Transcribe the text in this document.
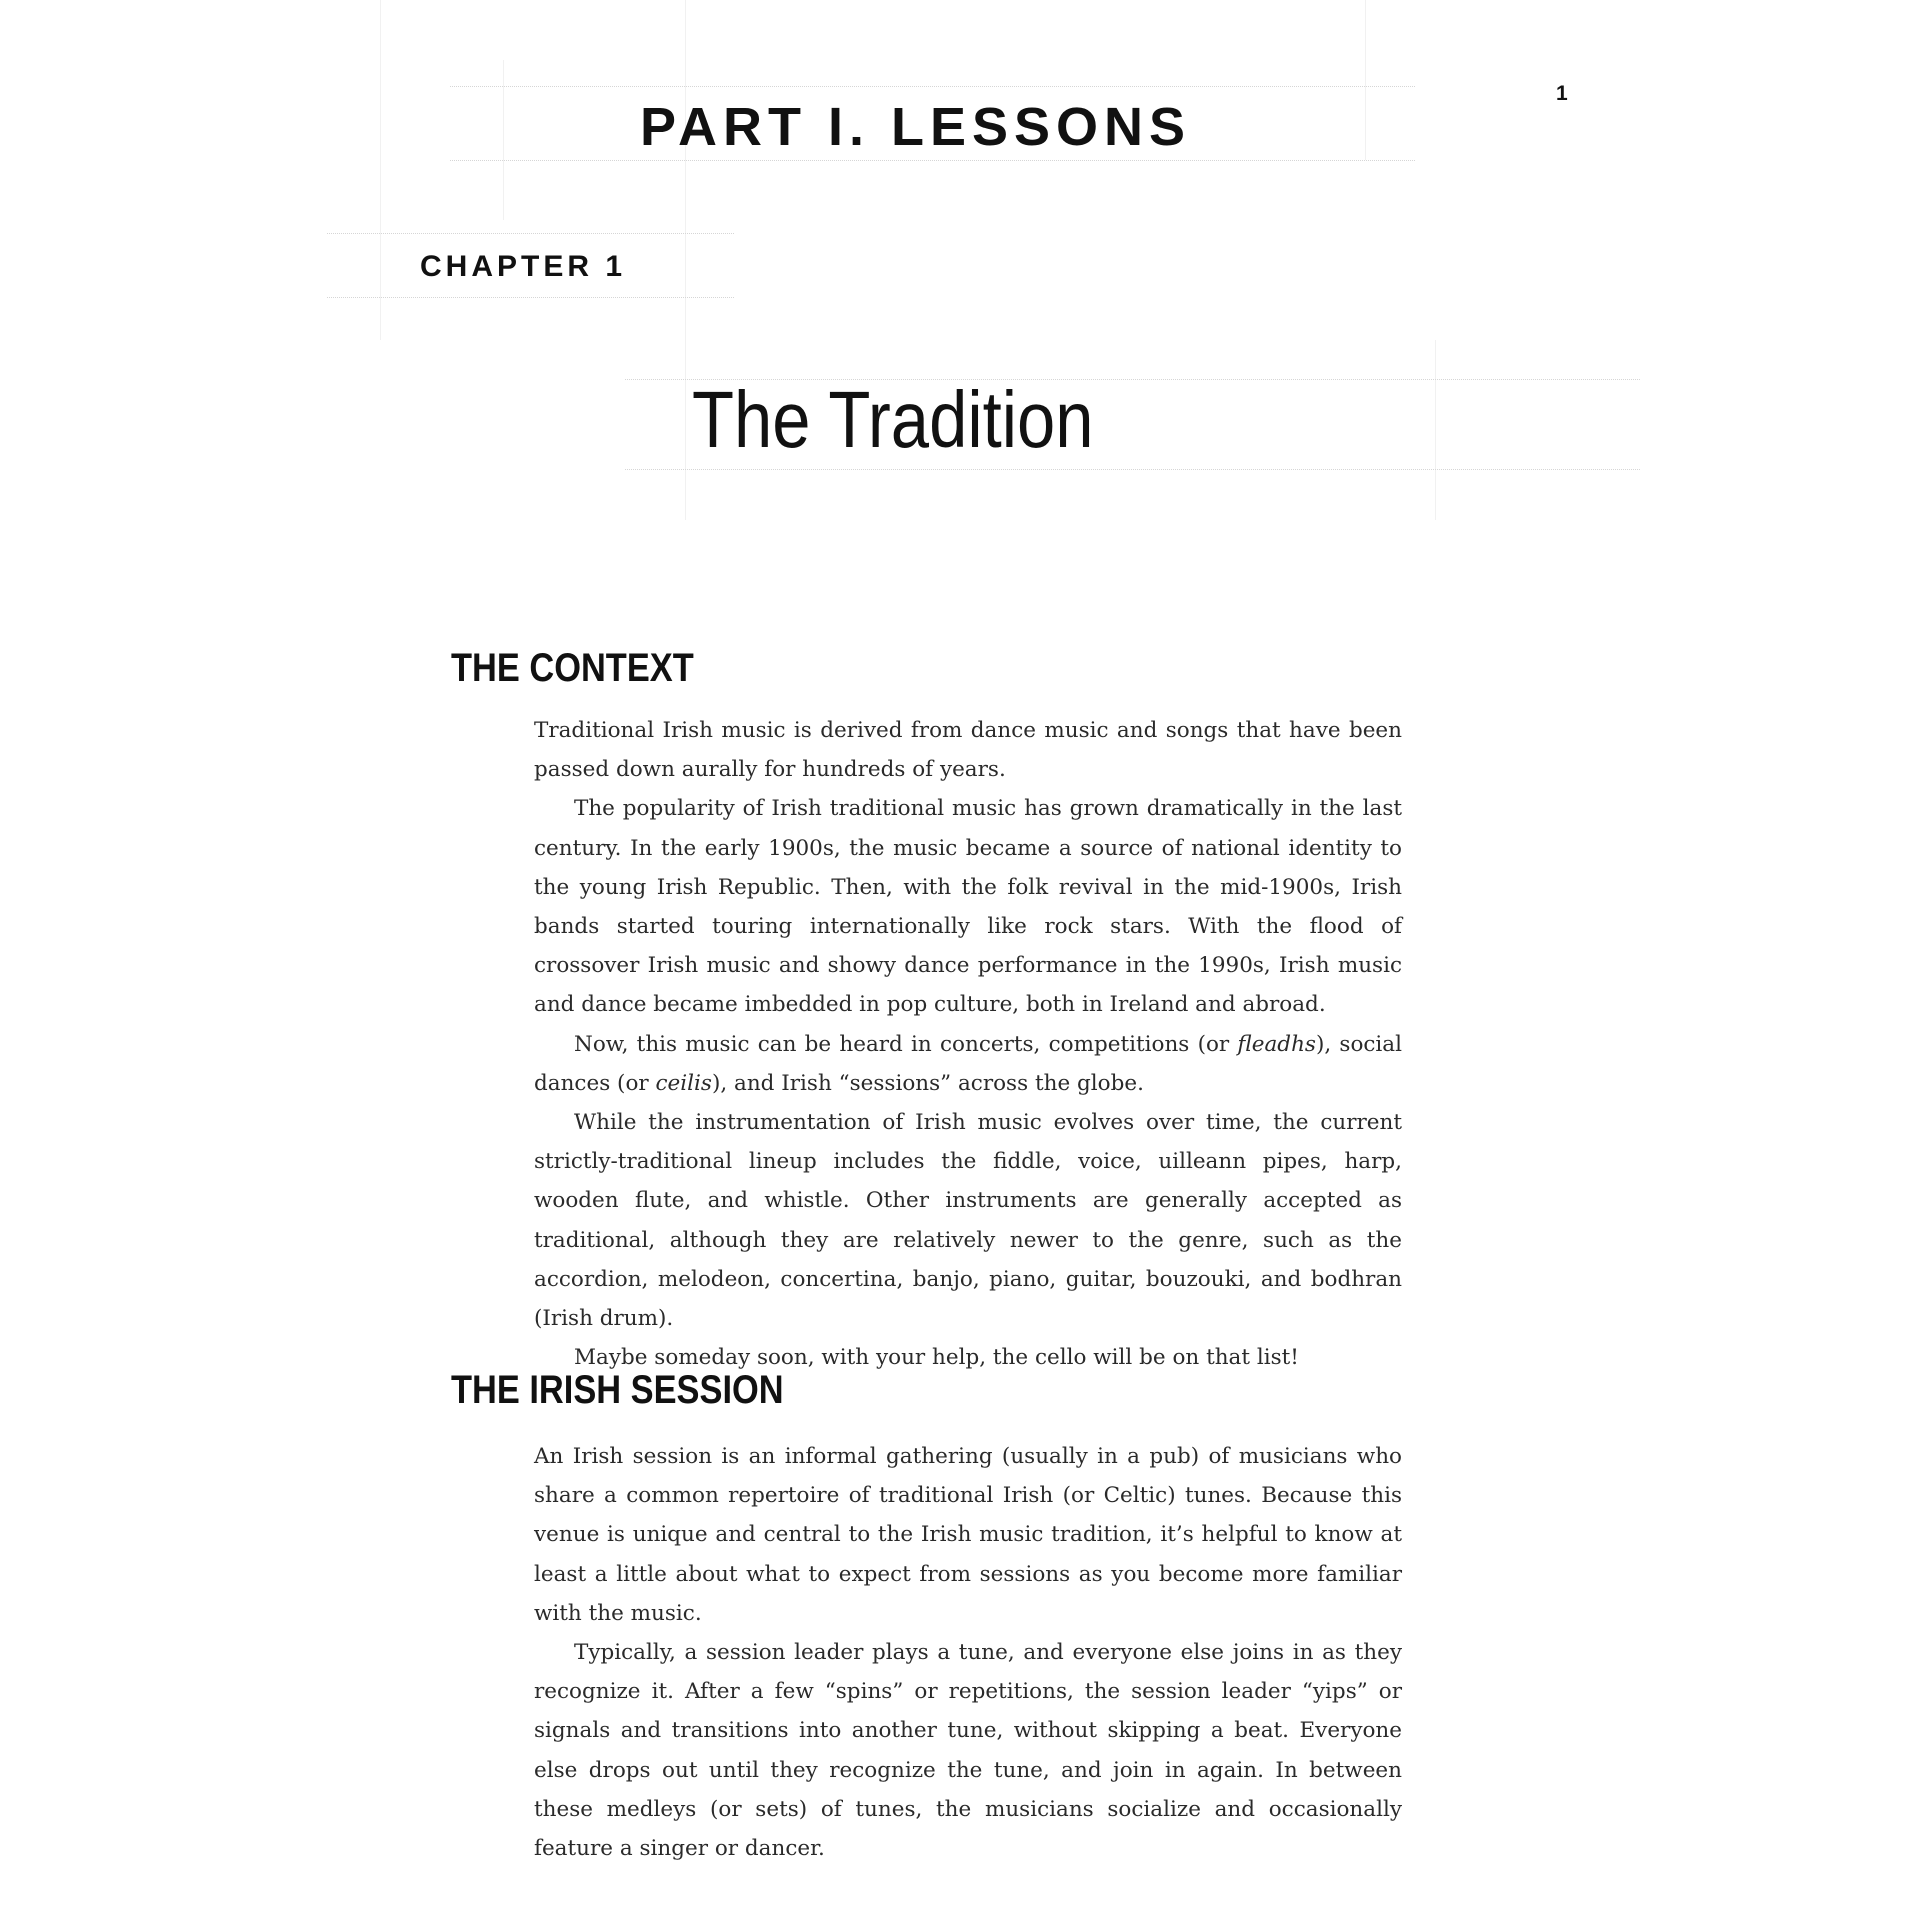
1
PART I. LESSONS
CHAPTER 1
The Tradition
THE CONTEXT

Traditional Irish music is derived from dance music and songs that have been passed down aurally for hundreds of years.

The popularity of Irish traditional music has grown dramatically in the last century. In the early 1900s, the music became a source of national identity to the young Irish Republic. Then, with the folk revival in the mid-1900s, Irish bands started touring internationally like rock stars. With the flood of crossover Irish music and showy dance performance in the 1990s, Irish music and dance became imbedded in pop culture, both in Ireland and abroad.

Now, this music can be heard in concerts, competitions (or fleadhs), social dances (or ceilis), and Irish “sessions” across the globe.

While the instrumentation of Irish music evolves over time, the current strictly-traditional lineup includes the fiddle, voice, uilleann pipes, harp, wooden flute, and whistle. Other instruments are generally accepted as traditional, although they are relatively newer to the genre, such as the accordion, melodeon, concertina, banjo, piano, guitar, bouzouki, and bodhran (Irish drum).

Maybe someday soon, with your help, the cello will be on that list!

THE IRISH SESSION

An Irish session is an informal gathering (usually in a pub) of musicians who share a common repertoire of traditional Irish (or Celtic) tunes. Because this venue is unique and central to the Irish music tradition, it’s helpful to know at least a little about what to expect from sessions as you become more familiar with the music.

Typically, a session leader plays a tune, and everyone else joins in as they recognize it. After a few “spins” or repetitions, the session leader “yips” or signals and transitions into another tune, without skipping a beat. Everyone else drops out until they recognize the tune, and join in again. In between these medleys (or sets) of tunes, the musicians socialize and occasionally feature a singer or dancer.
